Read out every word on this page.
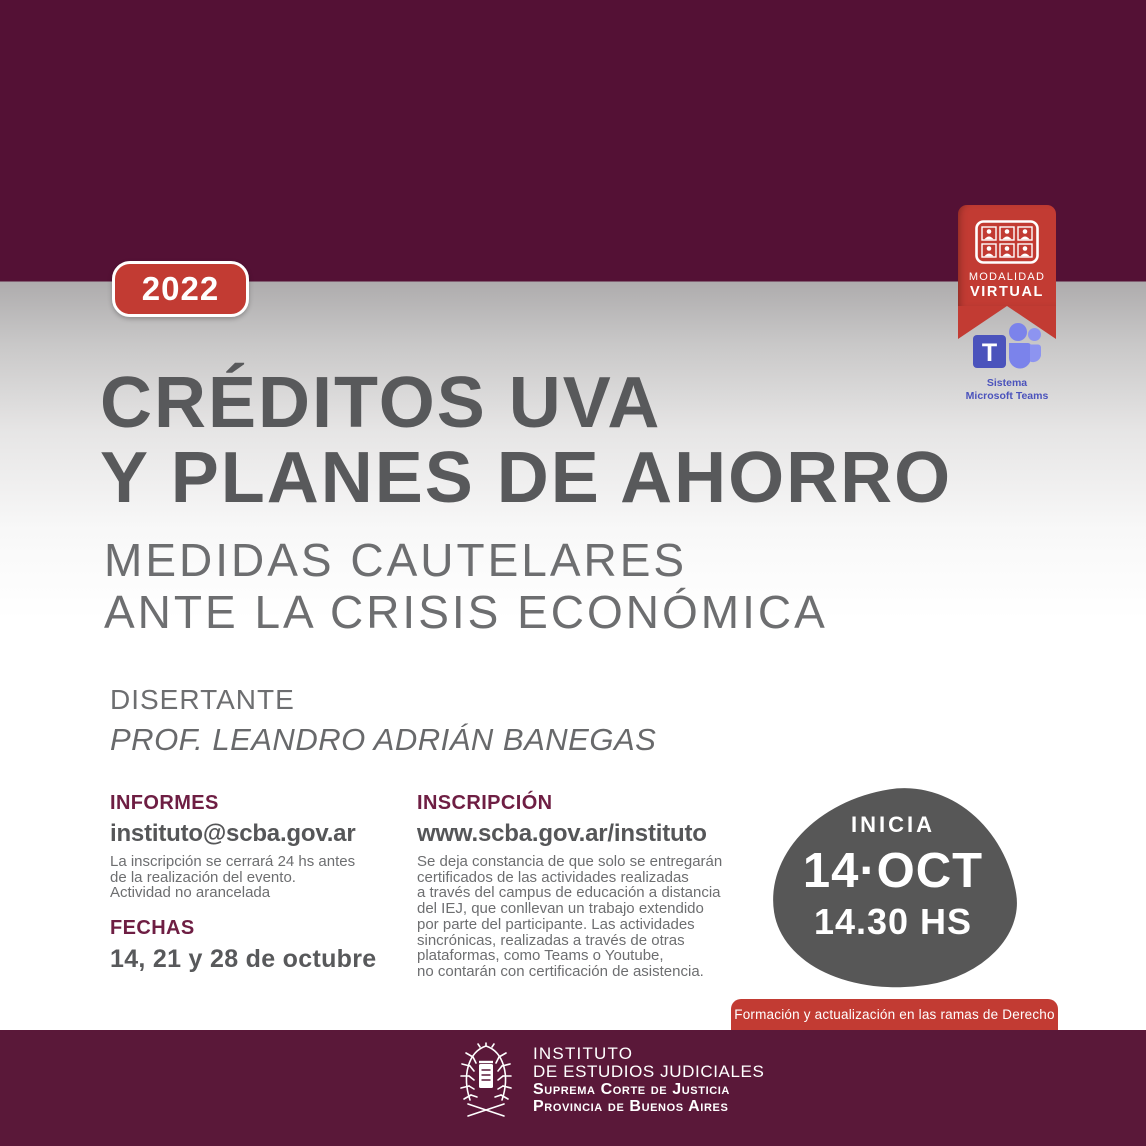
2022	MODALIDAD
VIRTUAL
T
Sistema
Microsoft Teams
CRÉDITOS UVA
Y PLANES DE AHORRO
MEDIDAS CAUTELARES
ANTE LA CRISIS ECONÓMICA
DISERTANTE
PROF. LEANDRO ADRIÁN BANEGAS
INFORMES
instituto@scba.gov.ar
La inscripción se cerrará 24 hs antes
de la realización del evento.
Actividad no arancelada
FECHAS
14, 21 y 28 de octubre
INSCRIPCIÓN
www.scba.gov.ar/instituto
Se deja constancia de que solo se entregarán
certificados de las actividades realizadas
a través del campus de educación a distancia
del IEJ, que conllevan un trabajo extendido
por parte del participante. Las actividades
sincrónicas, realizadas a través de otras
plataformas, como Teams o Youtube,
no contarán con certificación de asistencia.
INICIA
14·OCT
14.30 HS
Formación y actualización en las ramas de Derecho
INSTITUTO
DE ESTUDIOS JUDICIALES
Suprema Corte de Justicia
Provincia de Buenos Aires
